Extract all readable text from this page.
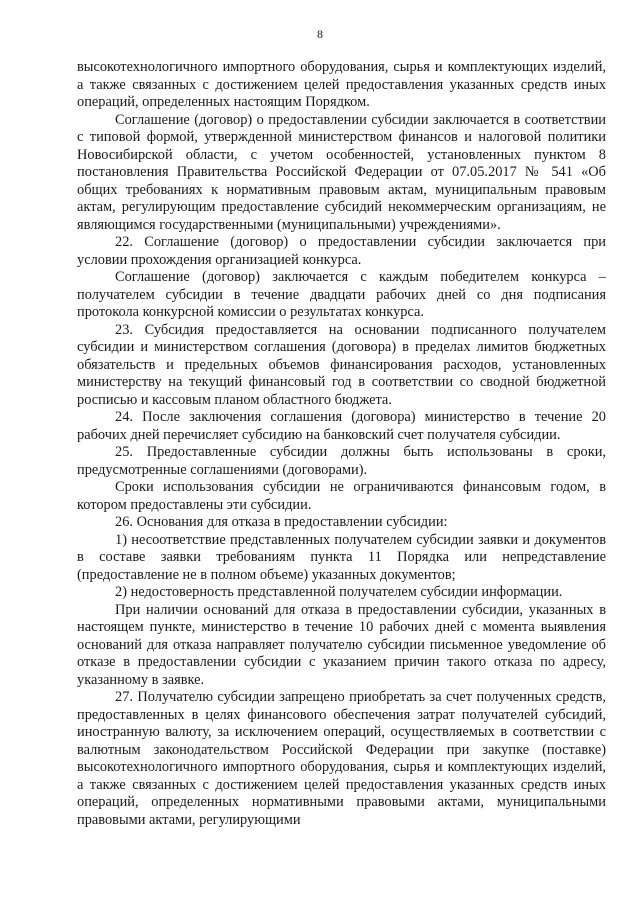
8

высокотехнологичного импортного оборудования, сырья и комплектующих изделий, а также связанных с достижением целей предоставления указанных средств иных операций, определенных настоящим Порядком.

Соглашение (договор) о предоставлении субсидии заключается в соответствии с типовой формой, утвержденной министерством финансов и налоговой политики Новосибирской области, с учетом особенностей, установленных пунктом 8 постановления Правительства Российской Федерации от 07.05.2017 № 541 «Об общих требованиях к нормативным правовым актам, муниципальным правовым актам, регулирующим предоставление субсидий некоммерческим организациям, не являющимся государственными (муниципальными) учреждениями».

22. Соглашение (договор) о предоставлении субсидии заключается при условии прохождения организацией конкурса.

Соглашение (договор) заключается с каждым победителем конкурса – получателем субсидии в течение двадцати рабочих дней со дня подписания протокола конкурсной комиссии о результатах конкурса.

23. Субсидия предоставляется на основании подписанного получателем субсидии и министерством соглашения (договора) в пределах лимитов бюджетных обязательств и предельных объемов финансирования расходов, установленных министерству на текущий финансовый год в соответствии со сводной бюджетной росписью и кассовым планом областного бюджета.

24. После заключения соглашения (договора) министерство в течение 20 рабочих дней перечисляет субсидию на банковский счет получателя субсидии.

25. Предоставленные субсидии должны быть использованы в сроки, предусмотренные соглашениями (договорами).

Сроки использования субсидии не ограничиваются финансовым годом, в котором предоставлены эти субсидии.

26. Основания для отказа в предоставлении субсидии:

1) несоответствие представленных получателем субсидии заявки и документов в составе заявки требованиям пункта 11 Порядка или непредставление (предоставление не в полном объеме) указанных документов;

2) недостоверность представленной получателем субсидии информации.

При наличии оснований для отказа в предоставлении субсидии, указанных в настоящем пункте, министерство в течение 10 рабочих дней с момента выявления оснований для отказа направляет получателю субсидии письменное уведомление об отказе в предоставлении субсидии с указанием причин такого отказа по адресу, указанному в заявке.

27. Получателю субсидии запрещено приобретать за счет полученных средств, предоставленных в целях финансового обеспечения затрат получателей субсидий, иностранную валюту, за исключением операций, осуществляемых в соответствии с валютным законодательством Российской Федерации при закупке (поставке) высокотехнологичного импортного оборудования, сырья и комплектующих изделий, а также связанных с достижением целей предоставления указанных средств иных операций, определенных нормативными правовыми актами, муниципальными правовыми актами, регулирующими
